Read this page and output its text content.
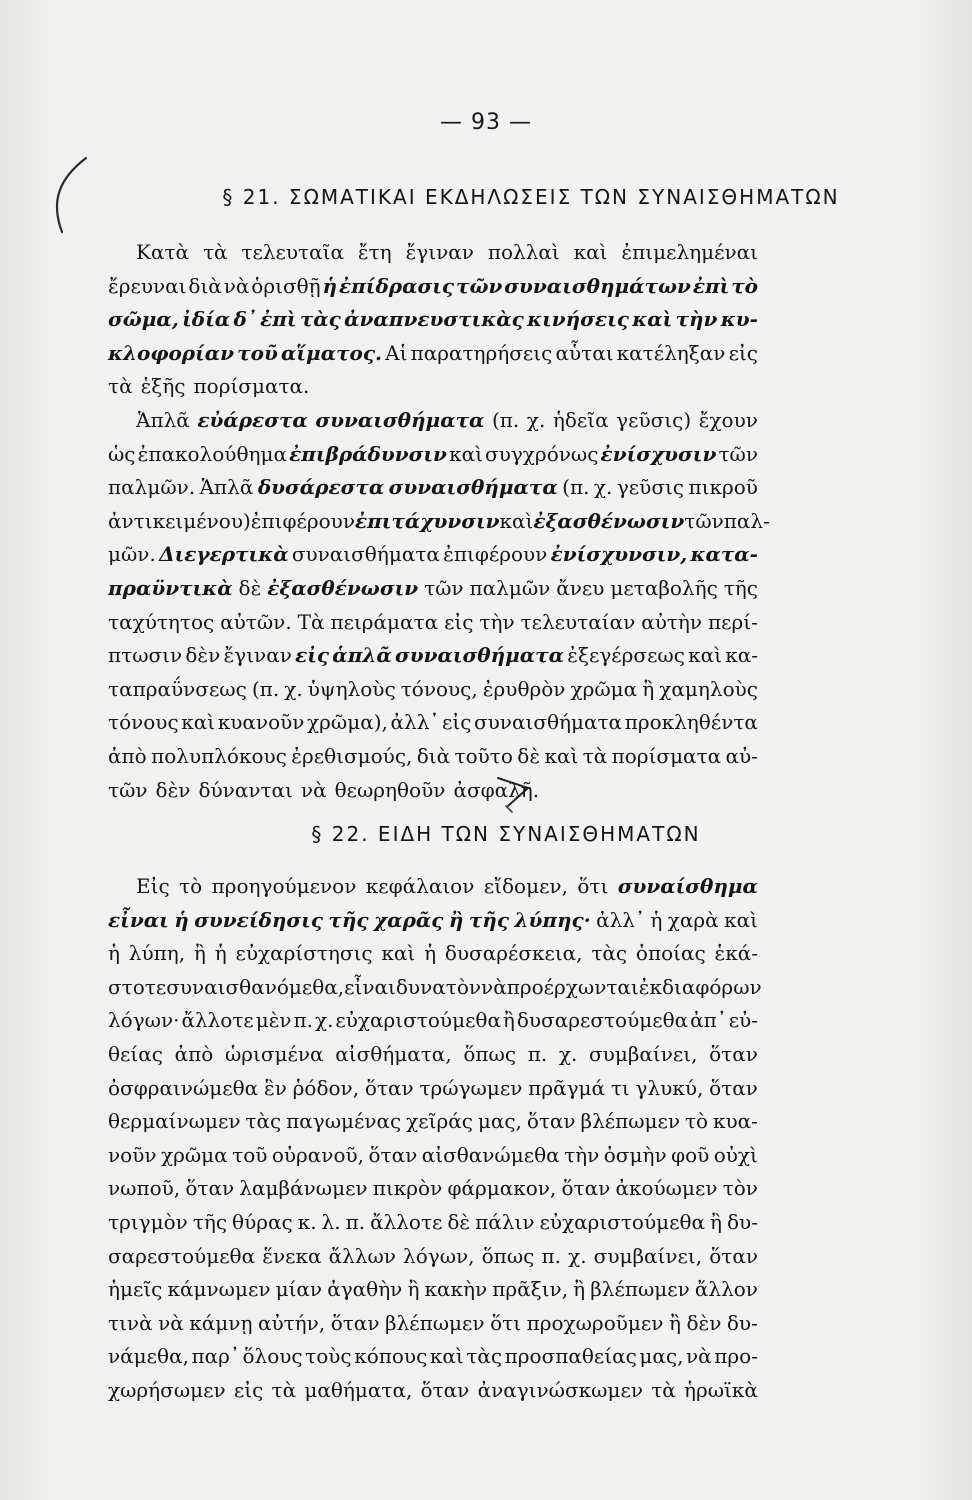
— 93 —
§ 21. ΣΩΜΑΤΙΚΑΙ ΕΚΔΗΛΩΣΕΙΣ ΤΩΝ ΣΥΝΑΙΣΘΗΜΑΤΩΝ
Κατὰ τὰ τελευταῖα ἔτη ἔγιναν πολλαὶ καὶ ἐπιμελημέναι
ἔρευναι διὰ νὰ ὁρισθῇ ἡ ἐπίδρασις τῶν συναισθημάτων ἐπὶ τὸ
σῶμα, ἰδία δ᾽ ἐπὶ τὰς ἀναπνευστικὰς κινήσεις καὶ τὴν κυ-
κλοφορίαν τοῦ αἵματος. Αἱ παρατηρήσεις αὗται κατέληξαν εἰς
τὰ ἑξῆς πορίσματα.
Ἁπλᾶ εὐάρεστα συναισθήματα (π. χ. ἡδεῖα γεῦσις) ἔχουν
ὡς ἐπακολούθημα ἐπιβράδυνσιν καὶ συγχρόνως ἐνίσχυσιν τῶν
παλμῶν. Ἁπλᾶ δυσάρεστα συναισθήματα (π. χ. γεῦσις πικροῦ
ἀντικειμένου) ἐπιφέρουν ἐπιτάχυνσιν καὶ ἐξασθένωσιν τῶν παλ-
μῶν. Διεγερτικὰ συναισθήματα ἐπιφέρουν ἐνίσχυνσιν, κατα-
πραϋντικὰ δὲ ἐξασθένωσιν τῶν παλμῶν ἄνευ μεταβολῆς τῆς
ταχύτητος αὐτῶν. Τὰ πειράματα εἰς τὴν τελευταίαν αὐτὴν περί-
πτωσιν δὲν ἔγιναν εἰς ἁπλᾶ συναισθήματα ἐξεγέρσεως καὶ κα-
ταπραΰνσεως (π. χ. ὑψηλοὺς τόνους, ἐρυθρὸν χρῶμα ἢ χαμηλοὺς
τόνους καὶ κυανοῦν χρῶμα), ἀλλ᾽ εἰς συναισθήματα προκληθέντα
ἀπὸ πολυπλόκους ἐρεθισμούς, διὰ τοῦτο δὲ καὶ τὰ πορίσματα αὐ-
τῶν δὲν δύνανται νὰ θεωρηθοῦν ἀσφαλῆ.
§ 22. ΕΙΔΗ ΤΩΝ ΣΥΝΑΙΣΘΗΜΑΤΩΝ
Εἰς τὸ προηγούμενον κεφάλαιον εἴδομεν, ὅτι συναίσθημα
εἶναι ἡ συνείδησις τῆς χαρᾶς ἢ τῆς λύπης· ἀλλ᾽ ἡ χαρὰ καὶ
ἡ λύπη, ἢ ἡ εὐχαρίστησις καὶ ἡ δυσαρέσκεια, τὰς ὁποίας ἑκά-
στοτε συναισθανόμεθα, εἶναι δυνατὸν νὰ προέρχωνται ἐκ διαφόρων
λόγων· ἄλλοτε μὲν π. χ. εὐχαριστούμεθα ἢ δυσαρεστούμεθα ἀπ᾽ εὐ-
θείας ἀπὸ ὡρισμένα αἰσθήματα, ὅπως π. χ. συμβαίνει, ὅταν
ὀσφραινώμεθα ἓν ῥόδον, ὅταν τρώγωμεν πρᾶγμά τι γλυκύ, ὅταν
θερμαίνωμεν τὰς παγωμένας χεῖράς μας, ὅταν βλέπωμεν τὸ κυα-
νοῦν χρῶμα τοῦ οὐρανοῦ, ὅταν αἰσθανώμεθα τὴν ὀσμὴν φοῦ οὐχὶ
νωποῦ, ὅταν λαμβάνωμεν πικρὸν φάρμακον, ὅταν ἀκούωμεν τὸν
τριγμὸν τῆς θύρας κ. λ. π. ἄλλοτε δὲ πάλιν εὐχαριστούμεθα ἢ δυ-
σαρεστούμεθα ἕνεκα ἄλλων λόγων, ὅπως π. χ. συμβαίνει, ὅταν
ἡμεῖς κάμνωμεν μίαν ἀγαθὴν ἢ κακὴν πρᾶξιν, ἢ βλέπωμεν ἄλλον
τινὰ νὰ κάμνῃ αὐτήν, ὅταν βλέπωμεν ὅτι προχωροῦμεν ἢ δὲν δυ-
νάμεθα, παρ᾽ ὅλους τοὺς κόπους καὶ τὰς προσπαθείας μας, νὰ προ-
χωρήσωμεν εἰς τὰ μαθήματα, ὅταν ἀναγινώσκωμεν τὰ ἡρωϊκὰ
